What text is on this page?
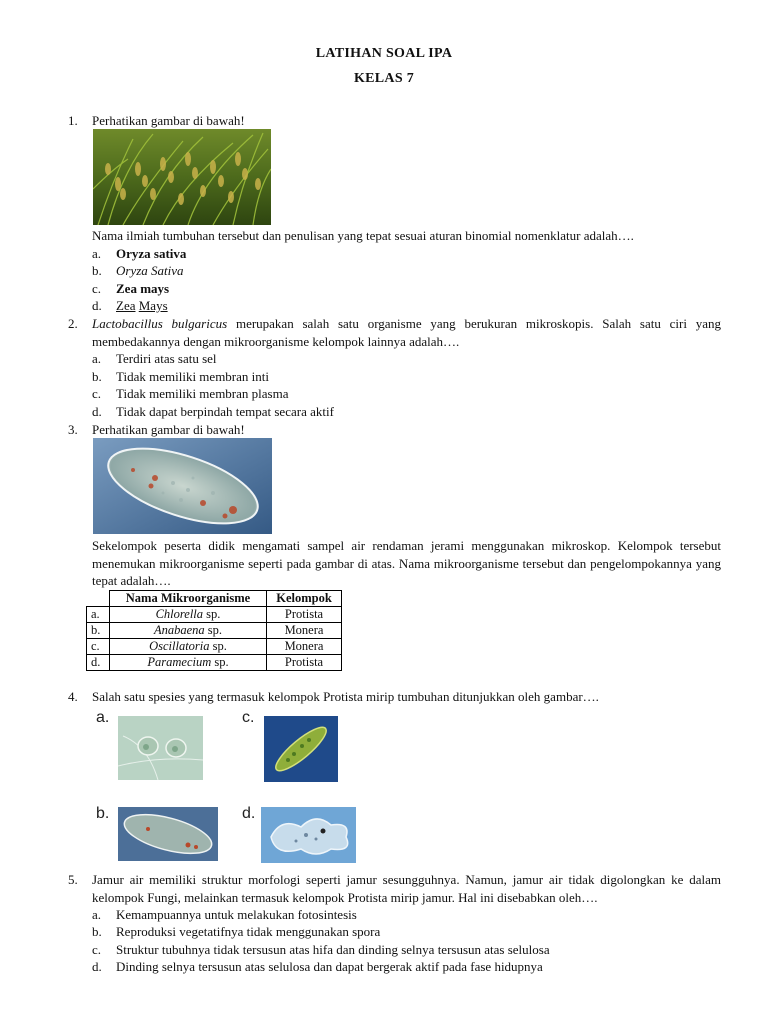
LATIHAN SOAL IPA
KELAS 7
1. Perhatikan gambar di bawah!
Nama ilmiah tumbuhan tersebut dan penulisan yang tepat sesuai aturan binomial nomenklatur adalah….
a. Oryza sativa
b. Oryza Sativa
c. Zea mays
d. Zea Mays
2. Lactobacillus bulgaricus merupakan salah satu organisme yang berukuran mikroskopis. Salah satu ciri yang membedakannya dengan mikroorganisme kelompok lainnya adalah….
a. Terdiri atas satu sel
b. Tidak memiliki membran inti
c. Tidak memiliki membran plasma
d. Tidak dapat berpindah tempat secara aktif
3. Perhatikan gambar di bawah!
Sekelompok peserta didik mengamati sampel air rendaman jerami menggunakan mikroskop. Kelompok tersebut menemukan mikroorganisme seperti pada gambar di atas. Nama mikroorganisme tersebut dan pengelompokannya yang tepat adalah….
	Nama Mikroorganisme	Kelompok
a.	Chlorella sp.	Protista
b.	Anabaena sp.	Monera
c.	Oscillatoria sp.	Monera
d.	Paramecium sp.	Protista
4. Salah satu spesies yang termasuk kelompok Protista mirip tumbuhan ditunjukkan oleh gambar….
a.	c.
b.	d.
5. Jamur air memiliki struktur morfologi seperti jamur sesungguhnya. Namun, jamur air tidak digolongkan ke dalam kelompok Fungi, melainkan termasuk kelompok Protista mirip jamur. Hal ini disebabkan oleh….
a. Kemampuannya untuk melakukan fotosintesis
b. Reproduksi vegetatifnya tidak menggunakan spora
c. Struktur tubuhnya tidak tersusun atas hifa dan dinding selnya tersusun atas selulosa
d. Dinding selnya tersusun atas selulosa dan dapat bergerak aktif pada fase hidupnya
